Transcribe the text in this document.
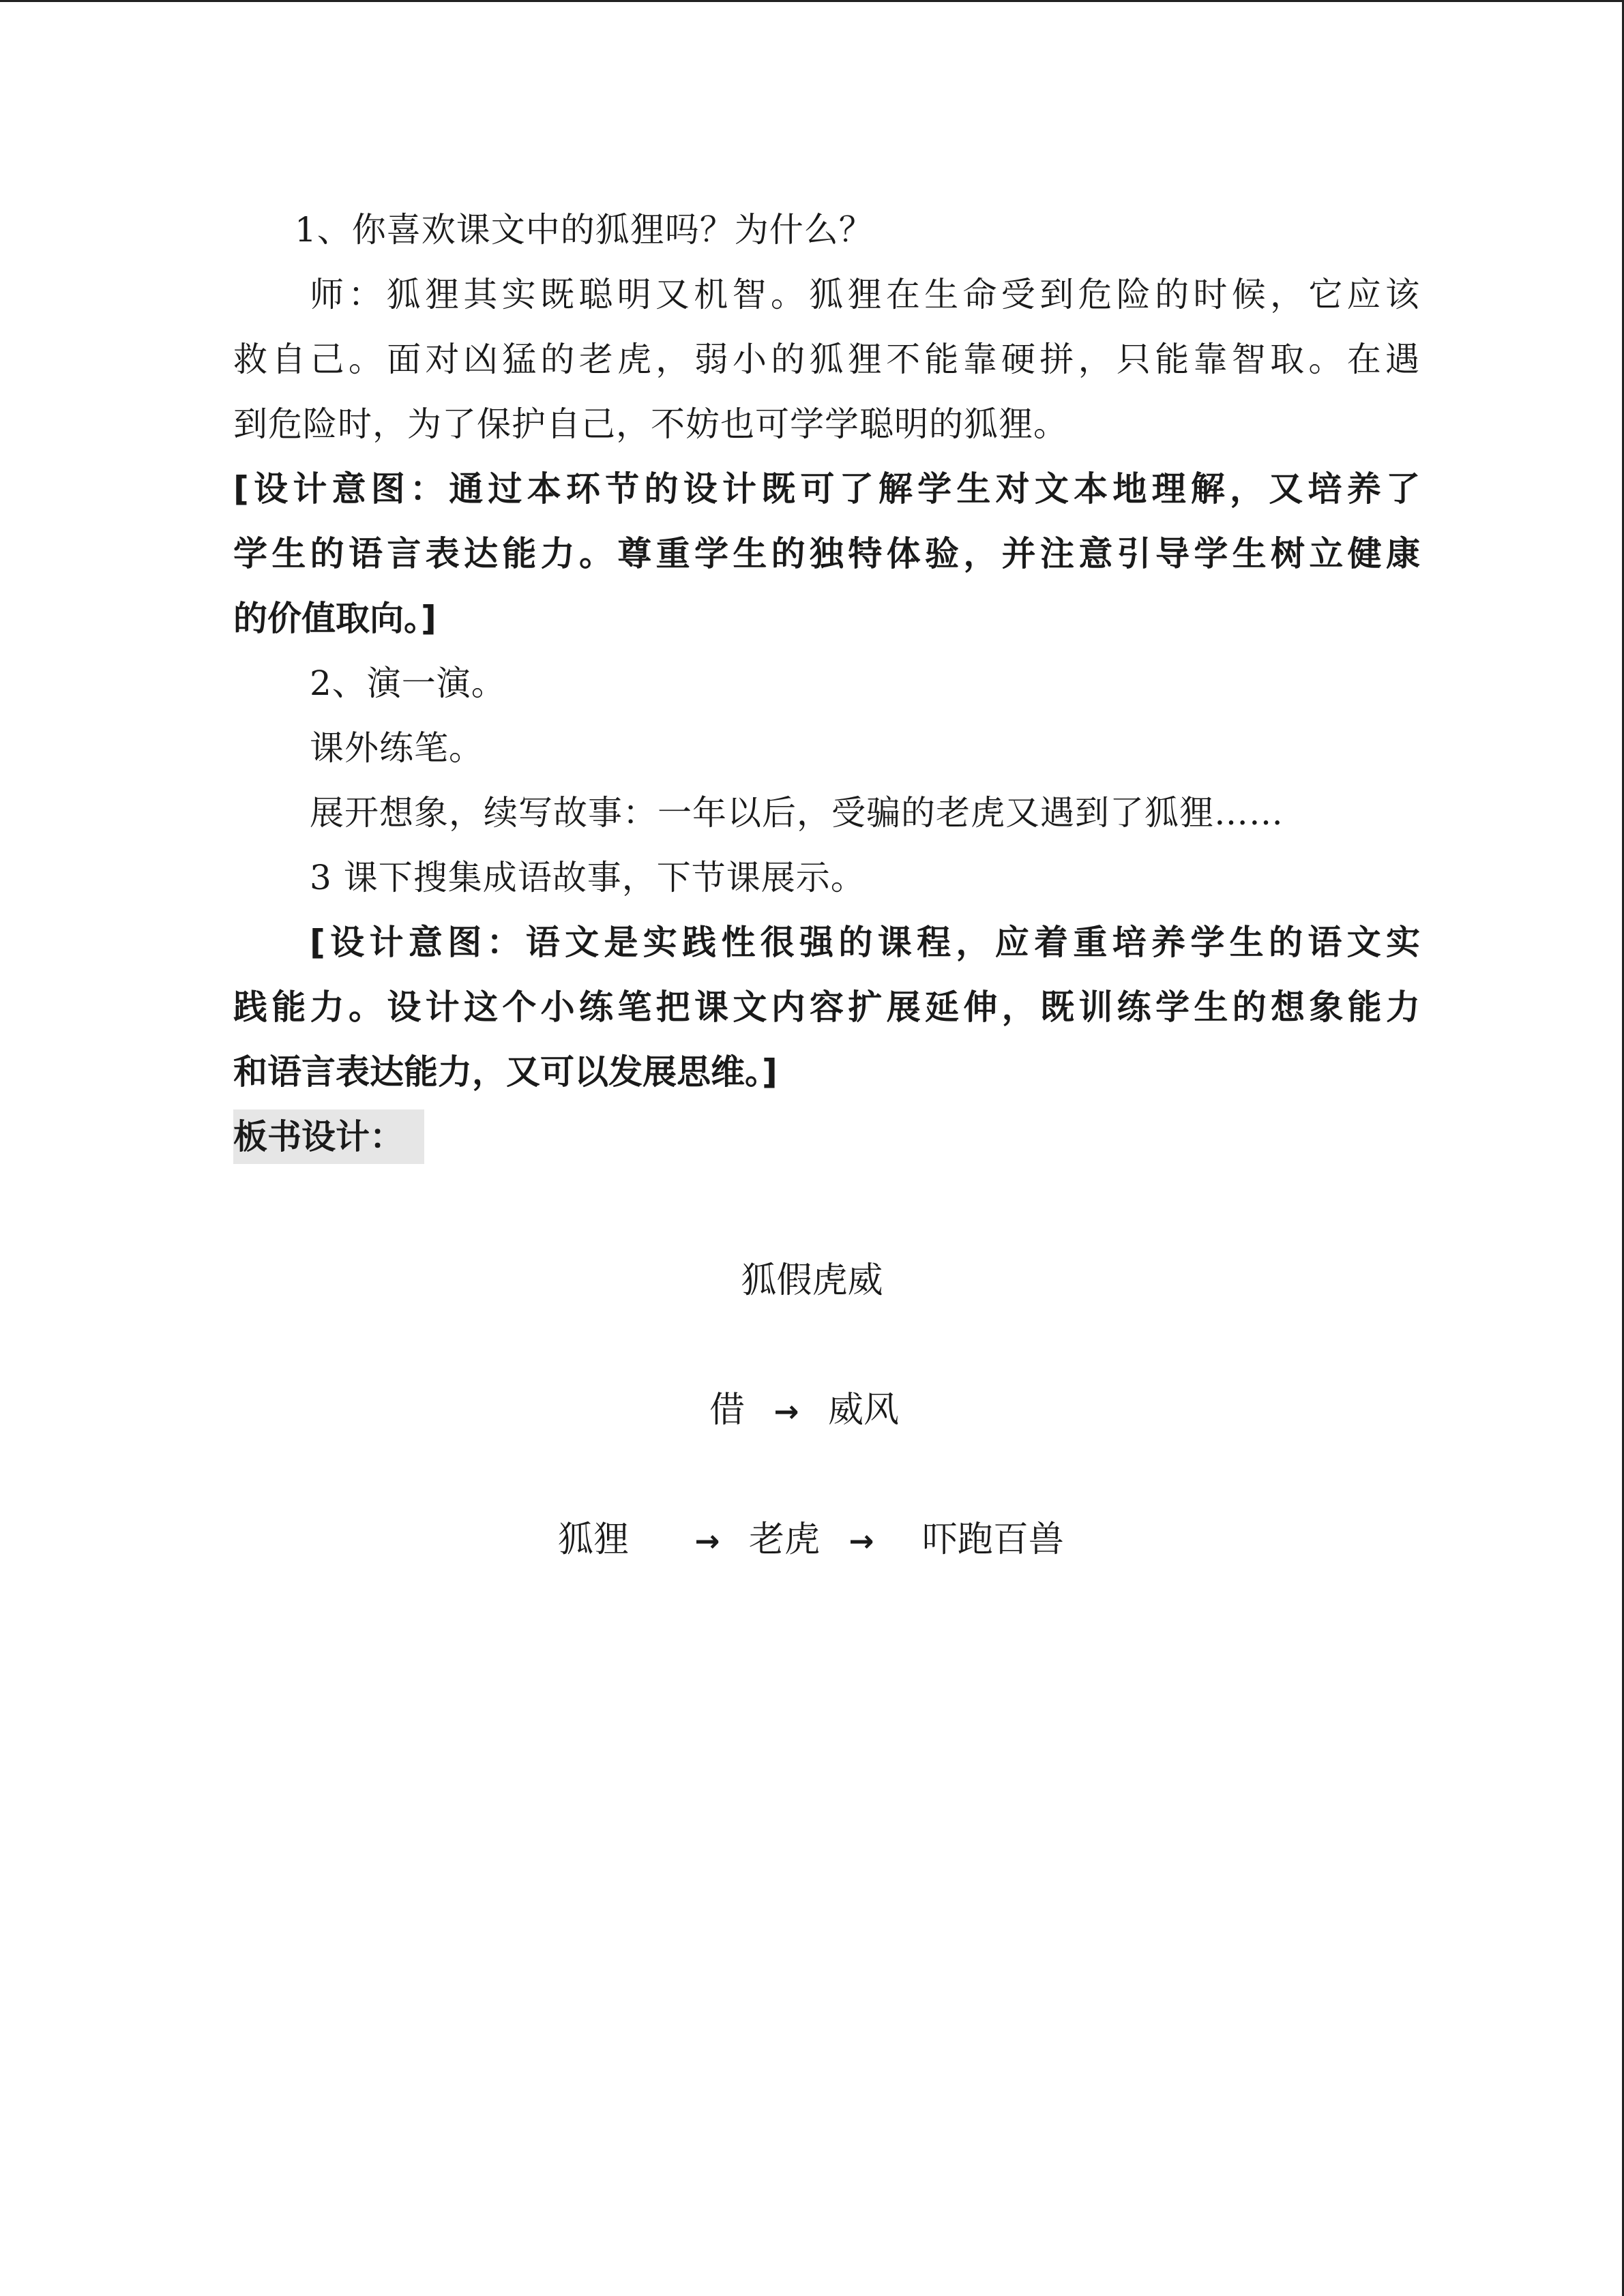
1、你喜欢课文中的狐狸吗？为什么？
师：狐狸其实既聪明又机智。狐狸在生命受到危险的时候，它应该
救自己。面对凶猛的老虎，弱小的狐狸不能靠硬拼，只能靠智取。在遇
到危险时，为了保护自己，不妨也可学学聪明的狐狸。
[设计意图：通过本环节的设计既可了解学生对文本地理解，又培养了
学生的语言表达能力。尊重学生的独特体验，并注意引导学生树立健康
的价值取向。]
2、演一演。
课外练笔。
展开想象，续写故事：一年以后，受骗的老虎又遇到了狐狸……
3 课下搜集成语故事，下节课展示。
[设计意图：语文是实践性很强的课程，应着重培养学生的语文实
践能力。设计这个小练笔把课文内容扩展延伸，既训练学生的想象能力
和语言表达能力，又可以发展思维。]
板书设计：
狐假虎威
借 → 威风
狐狸 → 老虎 → 吓跑百兽
